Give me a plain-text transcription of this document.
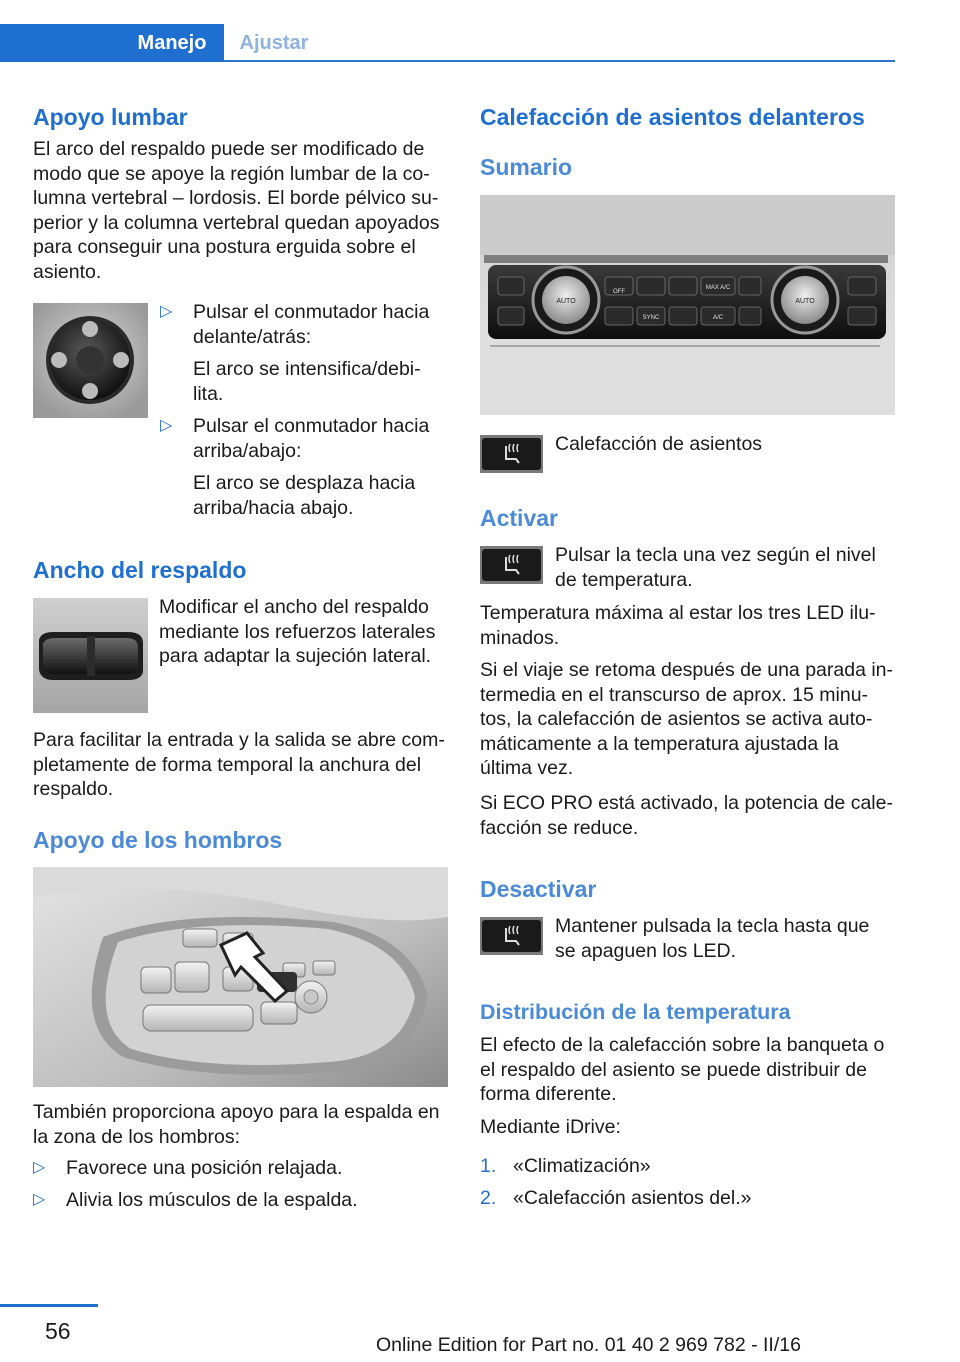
Manejo	Ajustar
Apoyo lumbar
El arco del respaldo puede ser modificado de
modo que se apoye la región lumbar de la co‐
lumna vertebral – lordosis. El borde pélvico su‐
perior y la columna vertebral quedan apoyados
para conseguir una postura erguida sobre el
asiento.
▷ Pulsar el conmutador hacia
delante/atrás:
El arco se intensifica/debi‐
lita.
▷ Pulsar el conmutador hacia
arriba/abajo:
El arco se desplaza hacia
arriba/hacia abajo.
Ancho del respaldo
Modificar el ancho del respaldo
mediante los refuerzos laterales
para adaptar la sujeción lateral.
Para facilitar la entrada y la salida se abre com‐
pletamente de forma temporal la anchura del
respaldo.
Apoyo de los hombros
También proporciona apoyo para la espalda en
la zona de los hombros:
▷ Favorece una posición relajada.
▷ Alivia los músculos de la espalda.
Calefacción de asientos delanteros
Sumario
AUTO	AUTO
OFF
MAX A/C
SYNC	A/C
Calefacción de asientos
Activar
Pulsar la tecla una vez según el nivel
de temperatura.
Temperatura máxima al estar los tres LED ilu‐
minados.
Si el viaje se retoma después de una parada in‐
termedia en el transcurso de aprox. 15 minu‐
tos, la calefacción de asientos se activa auto‐
máticamente a la temperatura ajustada la
última vez.
Si ECO PRO está activado, la potencia de cale‐
facción se reduce.
Desactivar
Mantener pulsada la tecla hasta que
se apaguen los LED.
Distribución de la temperatura
El efecto de la calefacción sobre la banqueta o
el respaldo del asiento se puede distribuir de
forma diferente.
Mediante iDrive:
1. «Climatización»
2. «Calefacción asientos del.»
56
Online Edition for Part no. 01 40 2 969 782 - II/16
